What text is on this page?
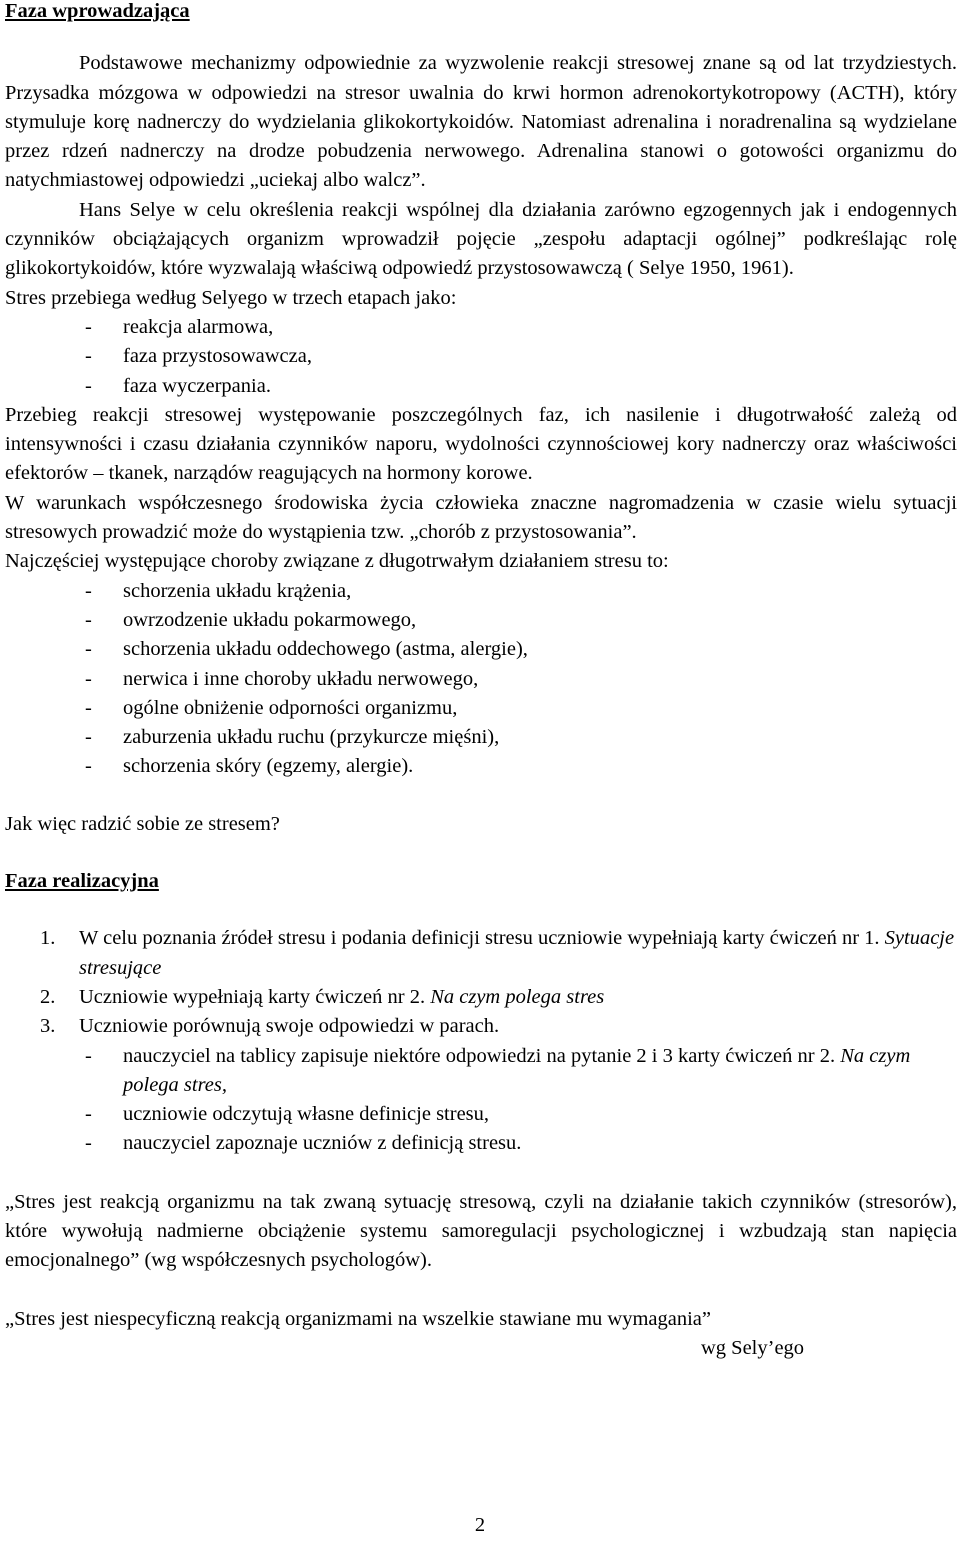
Faza wprowadzająca

Podstawowe mechanizmy odpowiednie za wyzwolenie reakcji stresowej znane są od lat trzydziestych. Przysadka mózgowa w odpowiedzi na stresor uwalnia do krwi hormon adrenokortykotropowy (ACTH), który stymuluje korę nadnerczy do wydzielania glikokortykoidów. Natomiast adrenalina i noradrenalina są wydzielane przez rdzeń nadnerczy na drodze pobudzenia nerwowego. Adrenalina stanowi o gotowości organizmu do natychmiastowej odpowiedzi „uciekaj albo walcz”.

Hans Selye w celu określenia reakcji wspólnej dla działania zarówno egzogennych jak i endogennych czynników obciążających organizm wprowadził pojęcie „zespołu adaptacji ogólnej” podkreślając rolę glikokortykoidów, które wyzwalają właściwą odpowiedź przystosowawczą ( Selye 1950, 1961).

Stres przebiega według Selyego w trzech etapach jako:

- reakcja alarmowa,
- faza przystosowawcza,
- faza wyczerpania.

Przebieg reakcji stresowej występowanie poszczególnych faz, ich nasilenie i długotrwałość zależą od intensywności i czasu działania czynników naporu, wydolności czynnościowej kory nadnerczy oraz właściwości efektorów – tkanek, narządów reagujących na hormony korowe.

W warunkach współczesnego środowiska życia człowieka znaczne nagromadzenia w czasie wielu sytuacji stresowych prowadzić może do wystąpienia tzw. „chorób z przystosowania”.

Najczęściej występujące choroby związane z długotrwałym działaniem stresu to:

- schorzenia układu krążenia,
- owrzodzenie układu pokarmowego,
- schorzenia układu oddechowego (astma, alergie),
- nerwica i inne choroby układu nerwowego,
- ogólne obniżenie odporności organizmu,
- zaburzenia układu ruchu (przykurcze mięśni),
- schorzenia skóry (egzemy, alergie).

Jak więc radzić sobie ze stresem?

Faza realizacyjna

1. W celu poznania źródeł stresu i podania definicji stresu uczniowie wypełniają karty ćwiczeń nr 1. Sytuacje stresujące
2. Uczniowie wypełniają karty ćwiczeń nr 2. Na czym polega stres
3. Uczniowie porównują swoje odpowiedzi w parach.
- nauczyciel na tablicy zapisuje niektóre odpowiedzi na pytanie 2 i 3 karty ćwiczeń nr 2. Na czym polega stres,
- uczniowie odczytują własne definicje stresu,
- nauczyciel zapoznaje uczniów z definicją stresu.

„Stres jest reakcją organizmu na tak zwaną sytuację stresową, czyli na działanie takich czynników (stresorów), które wywołują nadmierne obciążenie systemu samoregulacji psychologicznej i wzbudzają stan napięcia emocjonalnego” (wg współczesnych psychologów).

„Stres jest niespecyficzną reakcją organizmami na wszelkie stawiane mu wymagania”

wg Sely’ego

2
